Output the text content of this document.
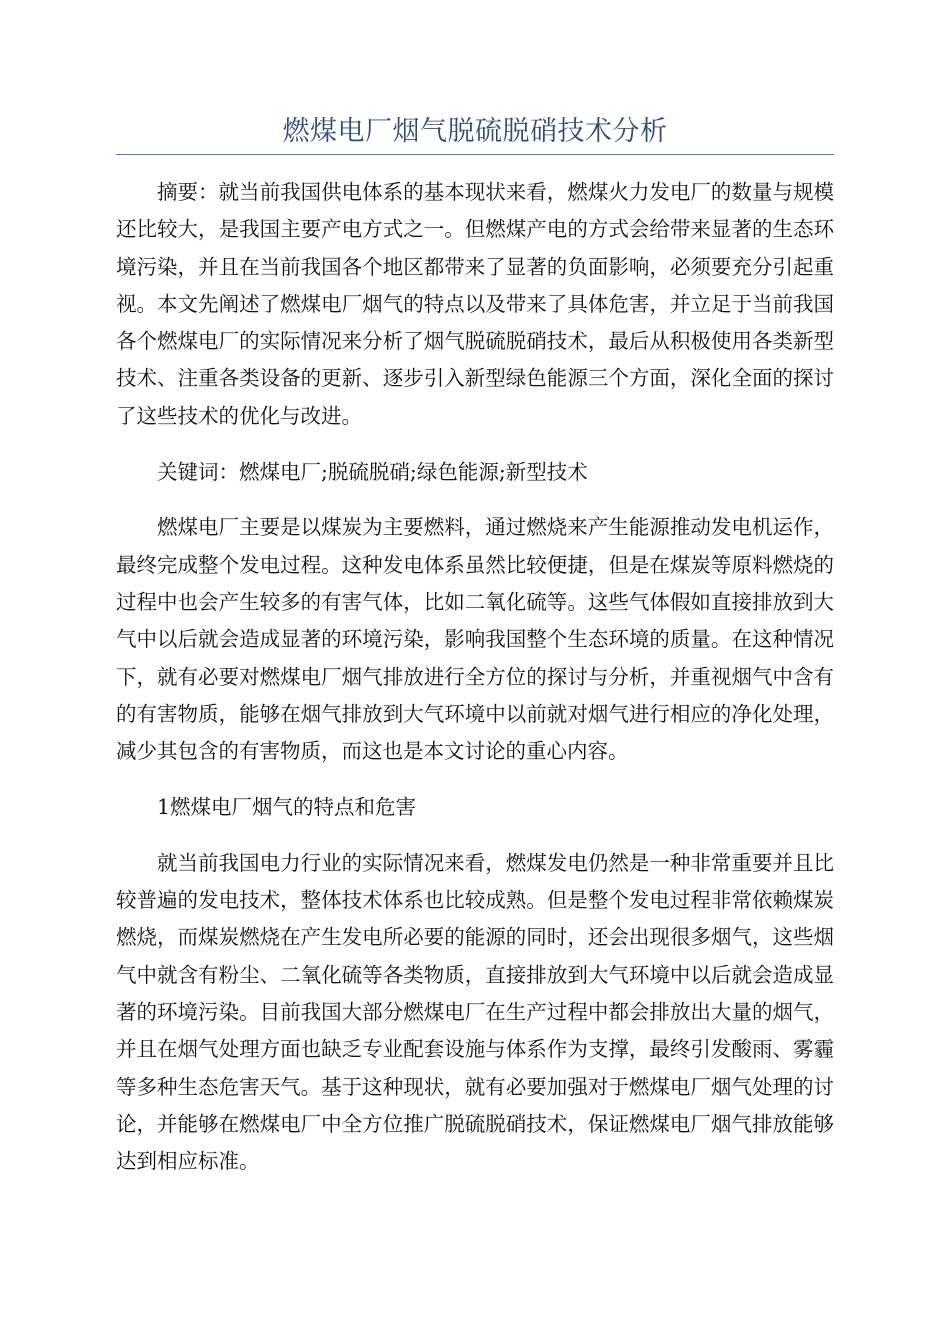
燃煤电厂烟气脱硫脱硝技术分析

摘要：就当前我国供电体系的基本现状来看，燃煤火力发电厂的数量与规模还比较大，是我国主要产电方式之一。但燃煤产电的方式会给带来显著的生态环境污染，并且在当前我国各个地区都带来了显著的负面影响，必须要充分引起重视。本文先阐述了燃煤电厂烟气的特点以及带来了具体危害，并立足于当前我国各个燃煤电厂的实际情况来分析了烟气脱硫脱硝技术，最后从积极使用各类新型技术、注重各类设备的更新、逐步引入新型绿色能源三个方面，深化全面的探讨了这些技术的优化与改进。

关键词：燃煤电厂;脱硫脱硝;绿色能源;新型技术

燃煤电厂主要是以煤炭为主要燃料，通过燃烧来产生能源推动发电机运作，最终完成整个发电过程。这种发电体系虽然比较便捷，但是在煤炭等原料燃烧的过程中也会产生较多的有害气体，比如二氧化硫等。这些气体假如直接排放到大气中以后就会造成显著的环境污染，影响我国整个生态环境的质量。在这种情况下，就有必要对燃煤电厂烟气排放进行全方位的探讨与分析，并重视烟气中含有的有害物质，能够在烟气排放到大气环境中以前就对烟气进行相应的净化处理，减少其包含的有害物质，而这也是本文讨论的重心内容。

1燃煤电厂烟气的特点和危害

就当前我国电力行业的实际情况来看，燃煤发电仍然是一种非常重要并且比较普遍的发电技术，整体技术体系也比较成熟。但是整个发电过程非常依赖煤炭燃烧，而煤炭燃烧在产生发电所必要的能源的同时，还会出现很多烟气，这些烟气中就含有粉尘、二氧化硫等各类物质，直接排放到大气环境中以后就会造成显著的环境污染。目前我国大部分燃煤电厂在生产过程中都会排放出大量的烟气，并且在烟气处理方面也缺乏专业配套设施与体系作为支撑，最终引发酸雨、雾霾等多种生态危害天气。基于这种现状，就有必要加强对于燃煤电厂烟气处理的讨论，并能够在燃煤电厂中全方位推广脱硫脱硝技术，保证燃煤电厂烟气排放能够达到相应标准。
